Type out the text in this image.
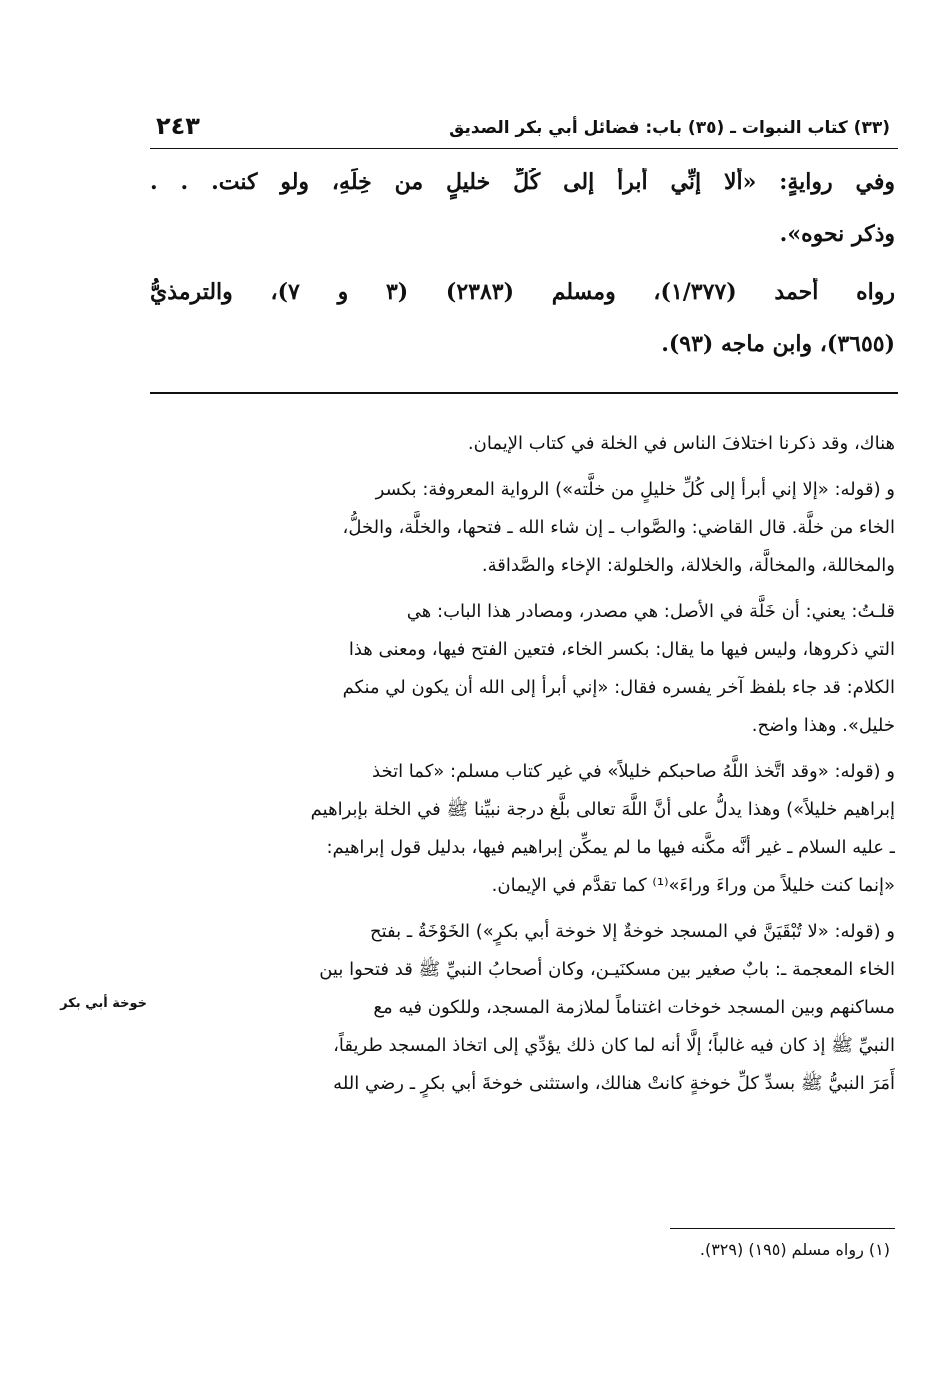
٢٤٣	(٣٣) كتاب النبوات ـ (٣٥) باب: فضائل أبي بكر الصديق
وفي روايةٍ: «ألا إنِّي أبرأ إلى كُلِّ خليلٍ من خِلِّهِ، ولو كنت. . .
وذكر نحوه».
رواه أحمد (١/٣٧٧)، ومسلم (٢٣٨٣) (٣ و ٧)، والترمذيُّ
(٣٦٥٥)، وابن ماجه (٩٣).
هناك، وقد ذكرنا اختلافَ الناس في الخلة في كتاب الإيمان.
و (قوله: «إلا إني أبرأ إلى كُلِّ خليلٍ من خلَّته») الرواية المعروفة: بكسر
الخاء من خلَّة. قال القاضي: والصَّواب ـ إن شاء الله ـ فتحها، والخلَّة، والخلُّ،
والمخاللة، والمخالَّة، والخلالة، والخلولة: الإخاء والصَّداقة.
قلـتُ: يعني: أن خَلَّة في الأصل: هي مصدر، ومصادر هذا الباب: هي
التي ذكروها، وليس فيها ما يقال: بكسر الخاء، فتعين الفتح فيها، ومعنى هذا
الكلام: قد جاء بلفظ آخر يفسره فقال: «إني أبرأ إلى الله أن يكون لي منكم
خليل». وهذا واضح.
و (قوله: «وقد اتَّخذ اللَّهُ صاحبكم خليلاً» في غير كتاب مسلم: «كما اتخذ
إبراهيم خليلاً») وهذا يدلُّ على أنَّ اللَّهَ تعالى بلَّغ درجة نبيِّنا ﷺ في الخلة بإبراهيم
ـ عليه السلام ـ غير أنَّه مكَّنه فيها ما لم يمكِّن إبراهيم فيها، بدليل قول إبراهيم:
«إنما كنت خليلاً من وراءَ وراءَ»⁽¹⁾ كما تقدَّم في الإيمان.
و (قوله: «لا تُبْقَيَنَّ في المسجد خوخةٌ إلا خوخة أبي بكرٍ») الخَوْخَةُ ـ بفتح
الخاء المعجمة ـ: بابٌ صغير بين مسكنَيـن، وكان أصحابُ النبيِّ ﷺ قد فتحوا بين
مساكنهم وبين المسجد خوخات اغتناماً لملازمة المسجد، وللكون فيه مع
النبيِّ ﷺ إذ كان فيه غالباً؛ إلَّا أنه لما كان ذلك يؤدِّي إلى اتخاذ المسجد طريقاً،
أَمَرَ النبيُّ ﷺ بسدِّ كلِّ خوخةٍ كانتْ هنالك، واستثنى خوخةَ أبي بكرٍ ـ رضي الله
خوخة أبي بكر
(١) رواه مسلم (١٩٥) (٣٢٩).
